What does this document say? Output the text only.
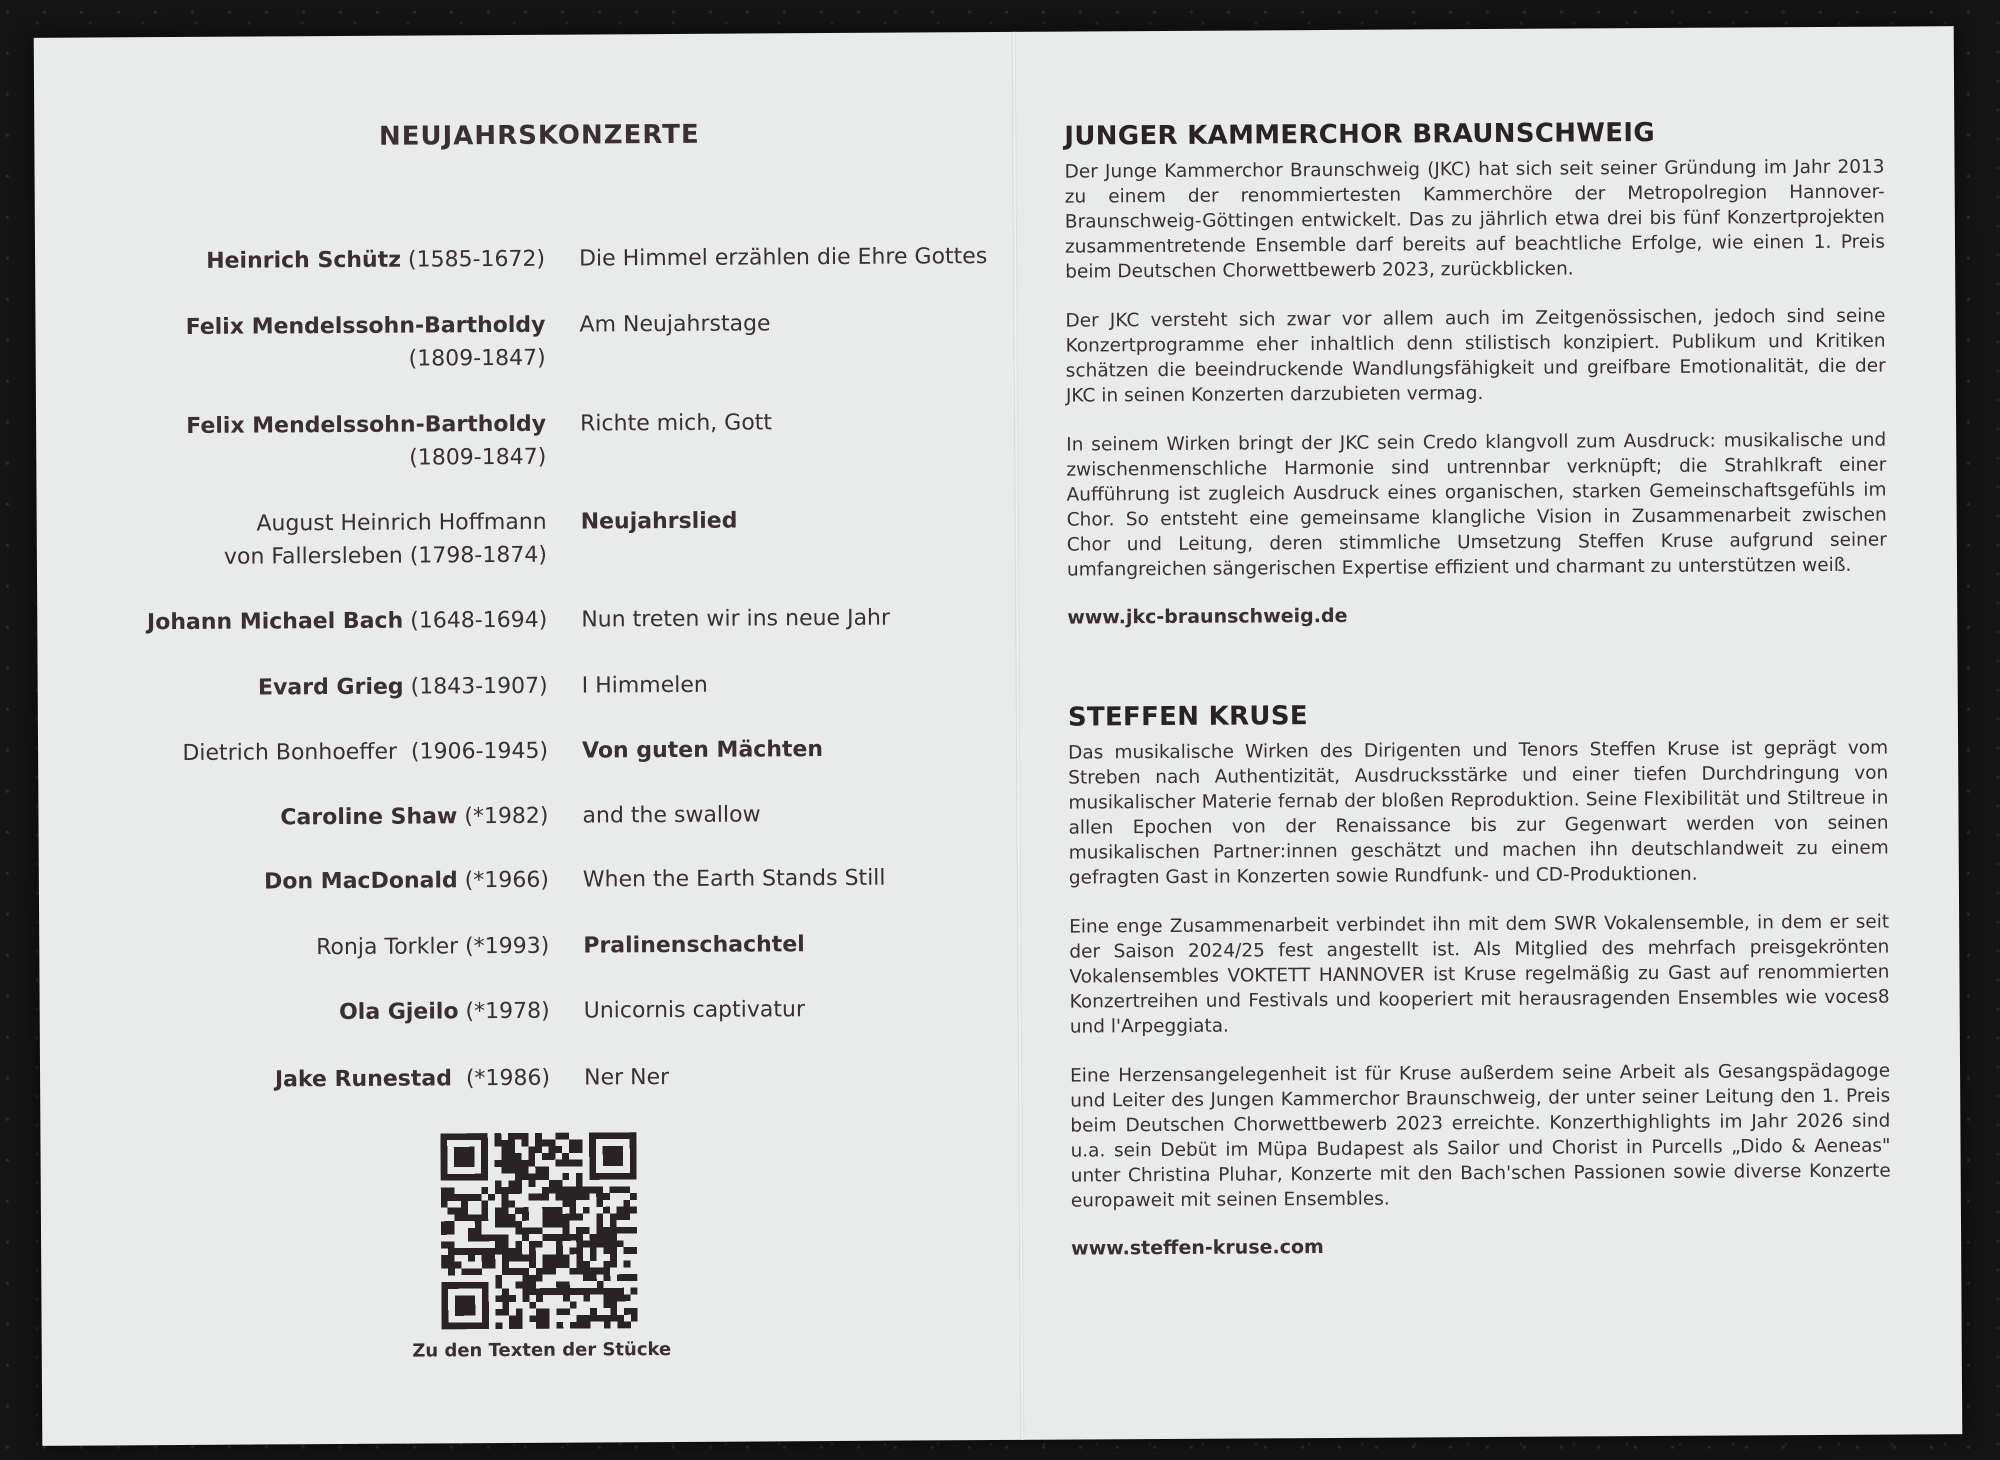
NEUJAHRSKONZERTE
Heinrich Schütz (1585-1672) Die Himmel erzählen die Ehre Gottes
Felix Mendelssohn-Bartholdy
(1809-1847)
Am Neujahrstage
Felix Mendelssohn-Bartholdy
(1809-1847)
Richte mich, Gott
August Heinrich Hoffmann
von Fallersleben (1798-1874)
Neujahrslied
Johann Michael Bach (1648-1694) Nun treten wir ins neue Jahr
Evard Grieg (1843-1907) I Himmelen
Dietrich Bonhoeffer  (1906-1945) Von guten Mächten
Caroline Shaw (*1982) and the swallow
Don MacDonald (*1966) When the Earth Stands Still
Ronja Torkler (*1993) Pralinenschachtel
Ola Gjeilo (*1978) Unicornis captivatur
Jake Runestad  (*1986) Ner Ner
Zu den Texten der Stücke
JUNGER KAMMERCHOR BRAUNSCHWEIG

Der Junge Kammerchor Braunschweig (JKC) hat sich seit seiner Gründung im Jahr 2013 zu einem der renommiertesten Kammerchöre der Metropolregion Hannover-Braunschweig-Göttingen entwickelt. Das zu jährlich etwa drei bis fünf Konzertprojekten zusammentretende Ensemble darf bereits auf beachtliche Erfolge, wie einen 1. Preis beim Deutschen Chorwettbewerb 2023, zurückblicken.

Der JKC versteht sich zwar vor allem auch im Zeitgenössischen, jedoch sind seine Konzertprogramme eher inhaltlich denn stilistisch konzipiert. Publikum und Kritiken schätzen die beeindruckende Wandlungsfähigkeit und greifbare Emotionalität, die der JKC in seinen Konzerten darzubieten vermag.

In seinem Wirken bringt der JKC sein Credo klangvoll zum Ausdruck: musikalische und zwischenmenschliche Harmonie sind untrennbar verknüpft; die Strahlkraft einer Aufführung ist zugleich Ausdruck eines organischen, starken Gemeinschaftsgefühls im Chor. So entsteht eine gemeinsame klangliche Vision in Zusammenarbeit zwischen Chor und Leitung, deren stimmliche Umsetzung Steffen Kruse aufgrund seiner umfangreichen sängerischen Expertise effizient und charmant zu unterstützen weiß.

www.jkc-braunschweig.de

STEFFEN KRUSE

Das musikalische Wirken des Dirigenten und Tenors Steffen Kruse ist geprägt vom Streben nach Authentizität, Ausdrucksstärke und einer tiefen Durchdringung von musikalischer Materie fernab der bloßen Reproduktion. Seine Flexibilität und Stiltreue in allen Epochen von der Renaissance bis zur Gegenwart werden von seinen musikalischen Partner:innen geschätzt und machen ihn deutschlandweit zu einem gefragten Gast in Konzerten sowie Rundfunk- und CD-Produktionen.

Eine enge Zusammenarbeit verbindet ihn mit dem SWR Vokalensemble, in dem er seit der Saison 2024/25 fest angestellt ist. Als Mitglied des mehrfach preisgekrönten Vokalensembles VOKTETT HANNOVER ist Kruse regelmäßig zu Gast auf renommierten Konzertreihen und Festivals und kooperiert mit herausragenden Ensembles wie voces8 und l'Arpeggiata.

Eine Herzensangelegenheit ist für Kruse außerdem seine Arbeit als Gesangspädagoge und Leiter des Jungen Kammerchor Braunschweig, der unter seiner Leitung den 1. Preis beim Deutschen Chorwettbewerb 2023 erreichte. Konzerthighlights im Jahr 2026 sind u.a. sein Debüt im Müpa Budapest als Sailor und Chorist in Purcells „Dido & Aeneas" unter Christina Pluhar, Konzerte mit den Bach'schen Passionen sowie diverse Konzerte europaweit mit seinen Ensembles.

www.steffen-kruse.com
